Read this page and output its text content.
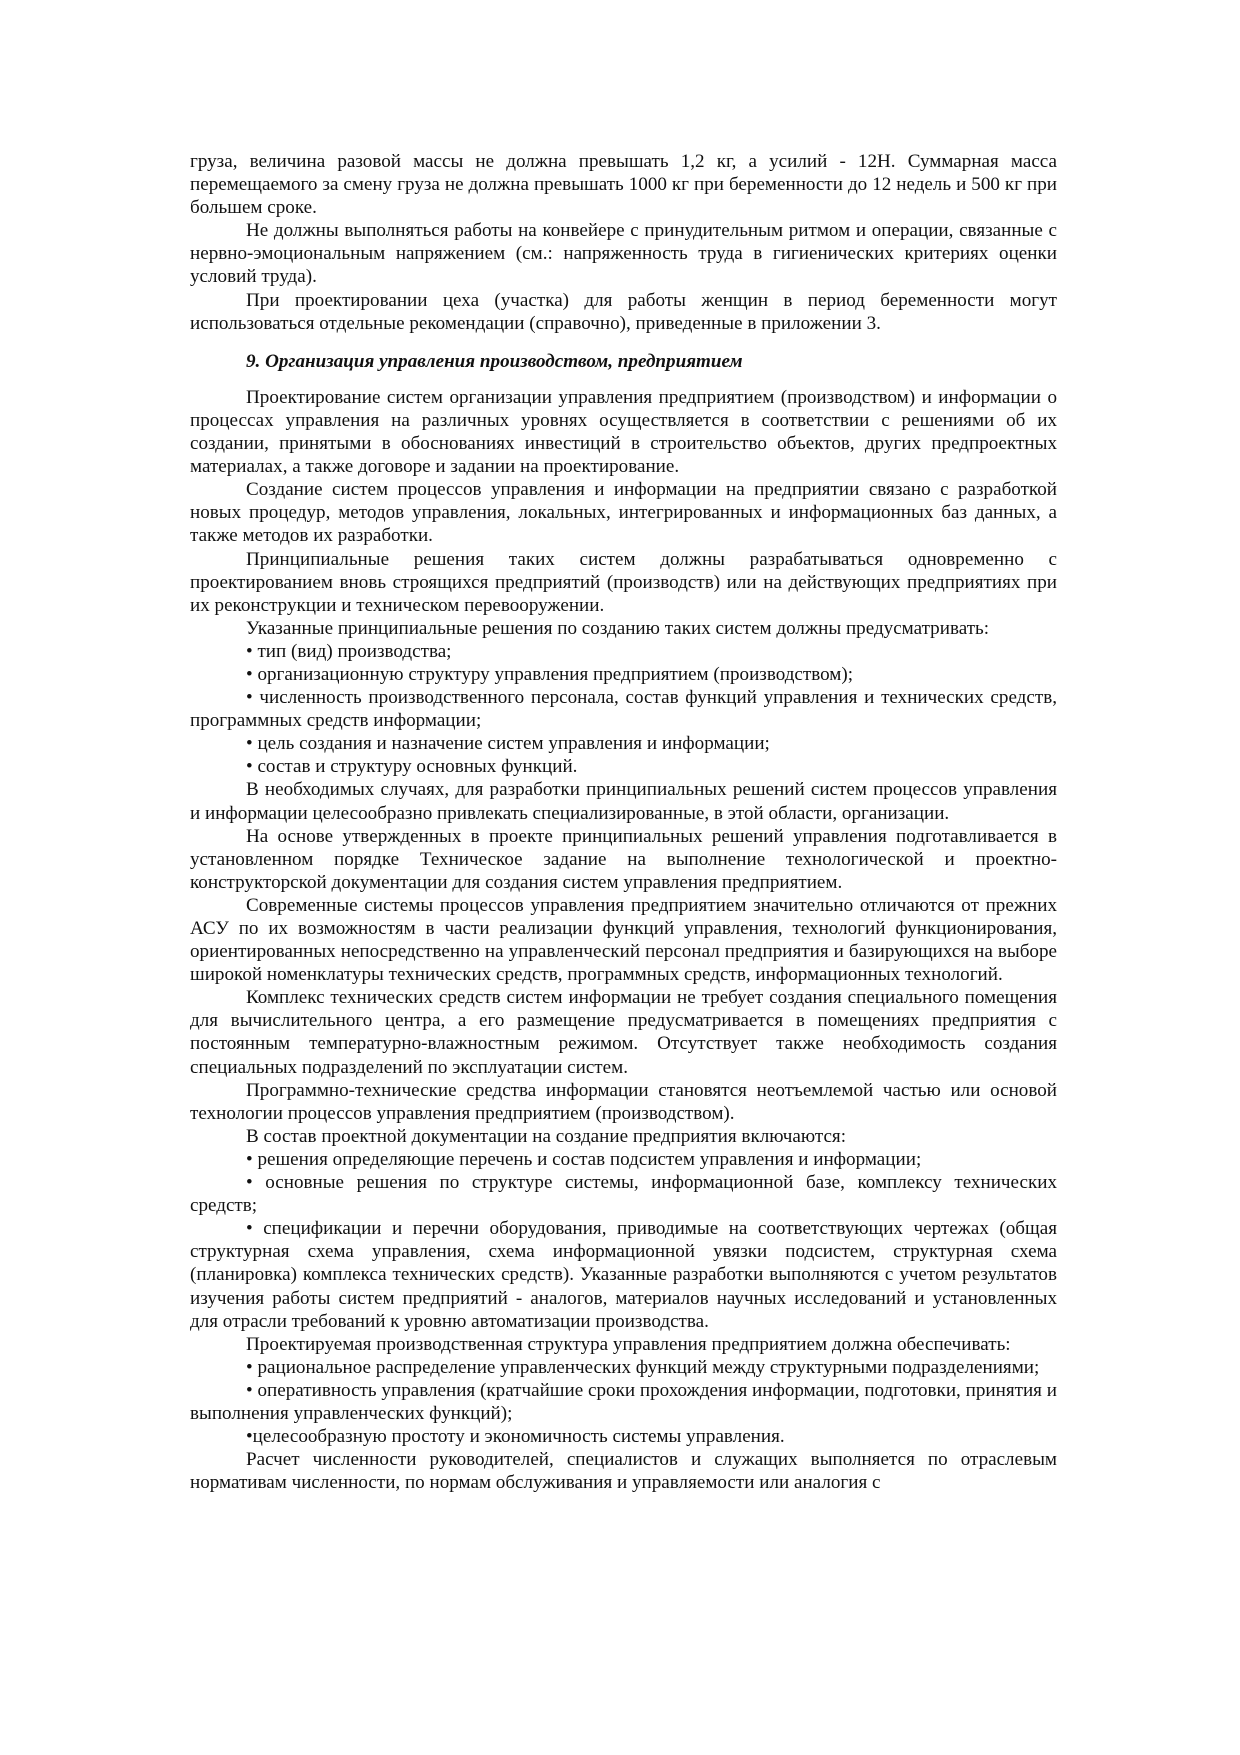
груза, величина разовой массы не должна превышать 1,2 кг, а усилий - 12Н. Суммарная масса перемещаемого за смену груза не должна превышать 1000 кг при беременности до 12 недель и 500 кг при большем сроке.

Не должны выполняться работы на конвейере с принудительным ритмом и операции, связанные с нервно-эмоциональным напряжением (см.: напряженность труда в гигиенических критериях оценки условий труда).

При проектировании цеха (участка) для работы женщин в период беременности могут использоваться отдельные рекомендации (справочно), приведенные в приложении 3.

9. Организация управления производством, предприятием

Проектирование систем организации управления предприятием (производством) и информации о процессах управления на различных уровнях осуществляется в соответствии с решениями об их создании, принятыми в обоснованиях инвестиций в строительство объектов, других предпроектных материалах, а также договоре и задании на проектирование.

Создание систем процессов управления и информации на предприятии связано с разработкой новых процедур, методов управления, локальных, интегрированных и информационных баз данных, а также методов их разработки.

Принципиальные решения таких систем должны разрабатываться одновременно с проектированием вновь строящихся предприятий (производств) или на действующих предприятиях при их реконструкции и техническом перевооружении.

Указанные принципиальные решения по созданию таких систем должны предусматривать:

• тип (вид) производства;

• организационную структуру управления предприятием (производством);

• численность производственного персонала, состав функций управления и технических средств, программных средств информации;

• цель создания и назначение систем управления и информации;

• состав и структуру основных функций.

В необходимых случаях, для разработки принципиальных решений систем процессов управления и информации целесообразно привлекать специализированные, в этой области, организации.

На основе утвержденных в проекте принципиальных решений управления подготавливается в установленном порядке Техническое задание на выполнение технологической и проектно-конструкторской документации для создания систем управления предприятием.

Современные системы процессов управления предприятием значительно отличаются от прежних АСУ по их возможностям в части реализации функций управления, технологий функционирования, ориентированных непосредственно на управленческий персонал предприятия и базирующихся на выборе широкой номенклатуры технических средств, программных средств, информационных технологий.

Комплекс технических средств систем информации не требует создания специального помещения для вычислительного центра, а его размещение предусматривается в помещениях предприятия с постоянным температурно-влажностным режимом. Отсутствует также необходимость создания специальных подразделений по эксплуатации систем.

Программно-технические средства информации становятся неотъемлемой частью или основой технологии процессов управления предприятием (производством).

В состав проектной документации на создание предприятия включаются:

• решения определяющие перечень и состав подсистем управления и информации;

• основные решения по структуре системы, информационной базе, комплексу технических средств;

• спецификации и перечни оборудования, приводимые на соответствующих чертежах (общая структурная схема управления, схема информационной увязки подсистем, структурная схема (планировка) комплекса технических средств). Указанные разработки выполняются с учетом результатов изучения работы систем предприятий - аналогов, материалов научных исследований и установленных для отрасли требований к уровню автоматизации производства.

Проектируемая производственная структура управления предприятием должна обеспечивать:

• рациональное распределение управленческих функций между структурными подразделениями;

• оперативность управления (кратчайшие сроки прохождения информации, подготовки, принятия и выполнения управленческих функций);

•целесообразную простоту и экономичность системы управления.

Расчет численности руководителей, специалистов и служащих выполняется по отраслевым нормативам численности, по нормам обслуживания и управляемости или аналогия с
